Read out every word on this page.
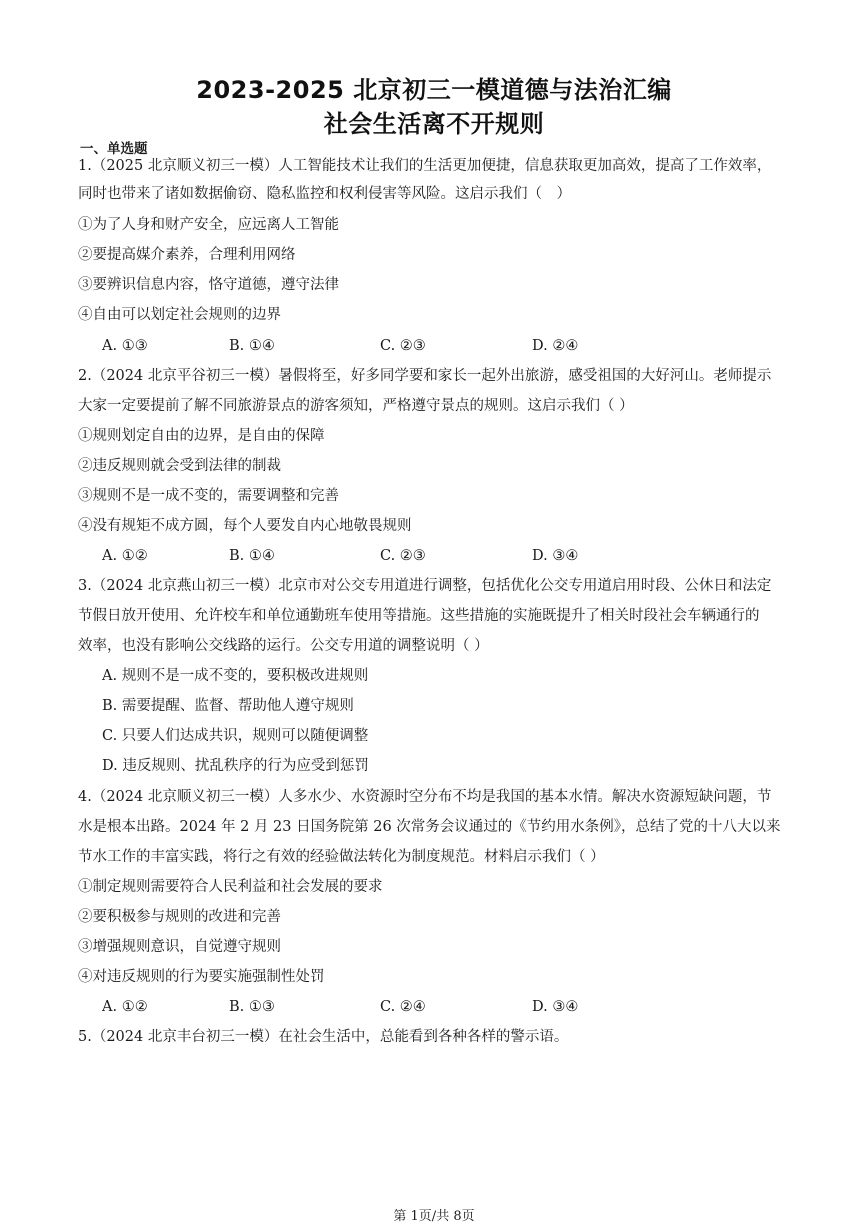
2023-2025 北京初三一模道德与法治汇编
社会生活离不开规则
一、单选题
1.（2025 北京顺义初三一模）人工智能技术让我们的生活更加便捷，信息获取更加高效，提高了工作效率，
同时也带来了诸如数据偷窃、隐私监控和权利侵害等风险。这启示我们（　）
①为了人身和财产安全，应远离人工智能
②要提高媒介素养，合理利用网络
③要辨识信息内容，恪守道德，遵守法律
④自由可以划定社会规则的边界
A. ①③	B. ①④	C. ②③	D. ②④
2.（2024 北京平谷初三一模）暑假将至，好多同学要和家长一起外出旅游，感受祖国的大好河山。老师提示
大家一定要提前了解不同旅游景点的游客须知，严格遵守景点的规则。这启示我们（ ）
①规则划定自由的边界，是自由的保障
②违反规则就会受到法律的制裁
③规则不是一成不变的，需要调整和完善
④没有规矩不成方圆，每个人要发自内心地敬畏规则
A. ①②	B. ①④	C. ②③	D. ③④
3.（2024 北京燕山初三一模）北京市对公交专用道进行调整，包括优化公交专用道启用时段、公休日和法定
节假日放开使用、允许校车和单位通勤班车使用等措施。这些措施的实施既提升了相关时段社会车辆通行的
效率，也没有影响公交线路的运行。公交专用道的调整说明（ ）
A. 规则不是一成不变的，要积极改进规则
B. 需要提醒、监督、帮助他人遵守规则
C. 只要人们达成共识，规则可以随便调整
D. 违反规则、扰乱秩序的行为应受到惩罚
4.（2024 北京顺义初三一模）人多水少、水资源时空分布不均是我国的基本水情。解决水资源短缺问题，节
水是根本出路。2024 年 2 月 23 日国务院第 26 次常务会议通过的《节约用水条例》，总结了党的十八大以来
节水工作的丰富实践，将行之有效的经验做法转化为制度规范。材料启示我们（ ）
①制定规则需要符合人民利益和社会发展的要求
②要积极参与规则的改进和完善
③增强规则意识，自觉遵守规则
④对违反规则的行为要实施强制性处罚
A. ①②	B. ①③	C. ②④	D. ③④
5.（2024 北京丰台初三一模）在社会生活中，总能看到各种各样的警示语。
第 1页/共 8页
